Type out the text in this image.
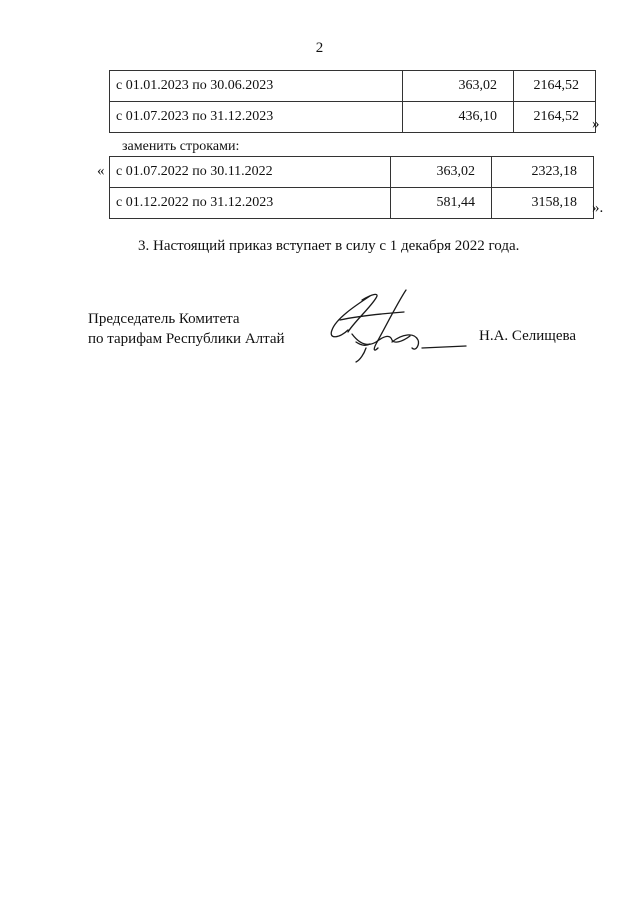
2
с 01.01.2023 по 30.06.2023	363,02	2164,52
с 01.07.2023 по 31.12.2023	436,10	2164,52 »
заменить строками:
« с 01.07.2022 по 30.11.2022	363,02	2323,18
с 01.12.2022 по 31.12.2023	581,44	3158,18 ».
3. Настоящий приказ вступает в силу с 1 декабря 2022 года.
Председатель Комитета
по тарифам Республики Алтай	Н.А. Селищева
